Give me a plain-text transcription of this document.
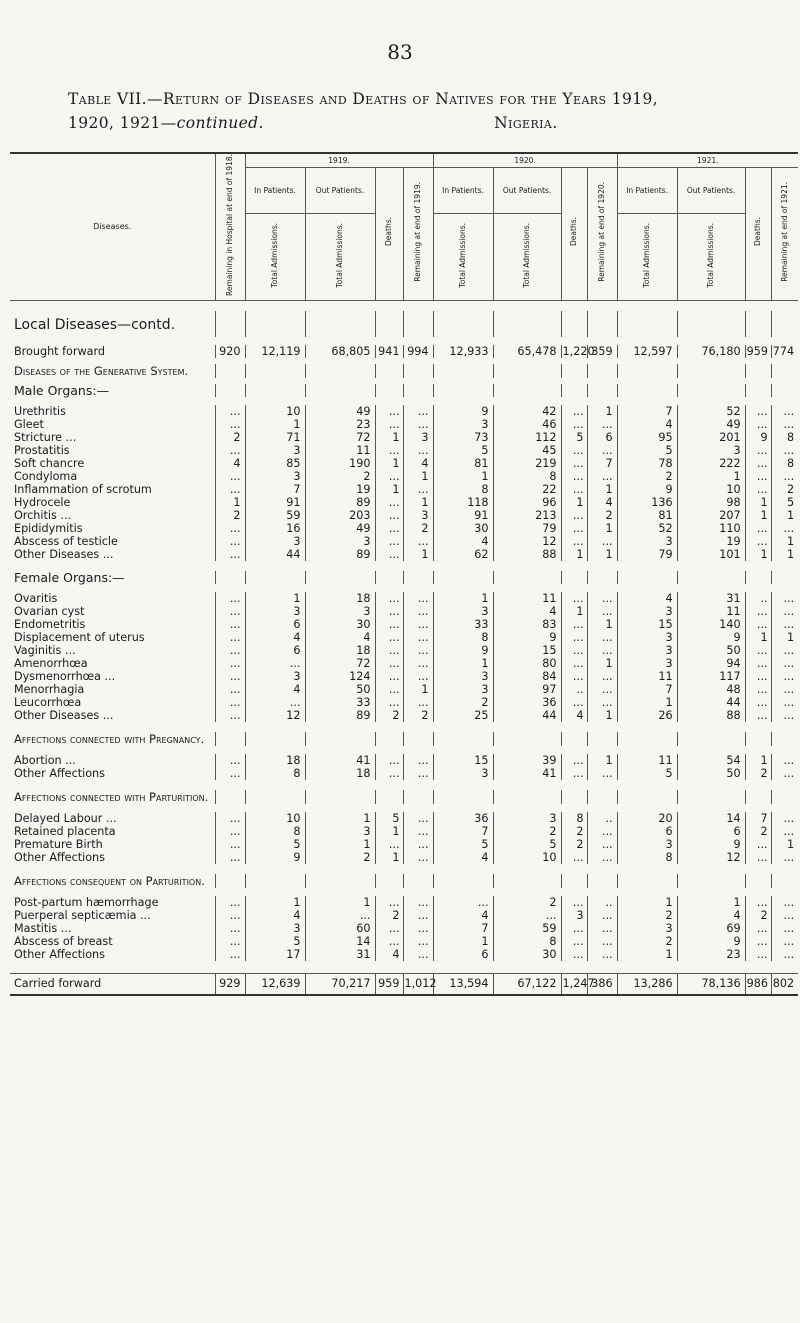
83
Table VII.—Return of Diseases and Deaths of Natives for the Years 1919,
1920, 1921—continued.	Nigeria.
Diseases.	Remaining in Hospital at end of 1918.	1919.				1920.				1921.			
		In Patients.	Out Patients.	Deaths.	Remaining at end of 1919.	In Patients.	Out Patients.	Deaths.	Remaining at end of 1920.	In Patients.	Out Patients.	Deaths.	Remaining at end of 1921.
		Total Admissions.	Total Admissions.			Total Admissions.	Total Admissions.			Total Admissions.	Total Admissions.		

Local Diseases—contd.													

Brought forward	920	12,119	68,805	941	994	12,933	65,478	1,220	359	12,597	76,180	959	774

Diseases of the Generative System.													

Male Organs:—													

Urethritis	...	10	49	...	...	9	42	...	1	7	52	...	...
Gleet	...	1	23	...	...	3	46	...	...	4	49	...	...
Stricture ...	2	71	72	1	3	73	112	5	6	95	201	9	8
Prostatitis	...	3	11	...	...	5	45	...	...	5	3	...	...
Soft chancre	4	85	190	1	4	81	219	...	7	78	222	...	8
Condyloma	...	3	2	...	1	1	8	...	...	2	1	...	...
Inflammation of scrotum	...	7	19	1	...	8	22	...	1	9	10	...	2
Hydrocele	1	91	89	...	1	118	96	1	4	136	98	1	5
Orchitis ...	2	59	203	...	3	91	213	...	2	81	207	1	1
Epididymitis	...	16	49	...	2	30	79	...	1	52	110	...	...
Abscess of testicle	...	3	3	...	...	4	12	...	...	3	19	...	1
Other Diseases ...	...	44	89	...	1	62	88	1	1	79	101	1	1

Female Organs:—													

Ovaritis	...	1	18	...	...	1	11	...	...	4	31	..	...
Ovarian cyst	...	3	3	...	...	3	4	1	...	3	11	...	...
Endometritis	...	6	30	...	...	33	83	...	1	15	140	...	...
Displacement of uterus	...	4	4	...	...	8	9	...	...	3	9	1	1
Vaginitis ...	...	6	18	...	...	9	15	...	...	3	50	...	...
Amenorrhœa	...	...	72	...	...	1	80	...	1	3	94	...	...
Dysmenorrhœa ...	...	3	124	...	...	3	84	...	...	11	117	...	...
Menorrhagia	...	4	50	...	1	3	97	..	...	7	48	...	...
Leucorrhœa	...	...	33	...	...	2	36	...	...	1	44	...	...
Other Diseases ...	...	12	89	2	2	25	44	4	1	26	88	...	...

Affections connected with Pregnancy.													

Abortion ...	...	18	41	...	...	15	39	...	1	11	54	1	...
Other Affections	...	8	18	...	...	3	41	...	...	5	50	2	...

Affections connected with Parturition.													

Delayed Labour ...	...	10	1	5	...	36	3	8	..	20	14	7	...
Retained placenta	...	8	3	1	...	7	2	2	...	6	6	2	...
Premature Birth	...	5	1	...	...	5	5	2	...	3	9	...	1
Other Affections	...	9	2	1	...	4	10	...	...	8	12	...	...

Affections consequent on Parturition.													

Post-partum hæmorrhage	...	1	1	...	...	...	2	...	..	1	1	...	...
Puerperal septicæmia ...	...	4	...	2	...	4	...	3	...	2	4	2	...
Mastitis ...	...	3	60	...	...	7	59	...	...	3	69	...	...
Abscess of breast	...	5	14	...	...	1	8	...	...	2	9	...	...
Other Affections	...	17	31	4	...	6	30	...	...	1	23	...	...

Carried forward	929	12,639	70,217	959	1,012	13,594	67,122	1,247	386	13,286	78,136	986	802
